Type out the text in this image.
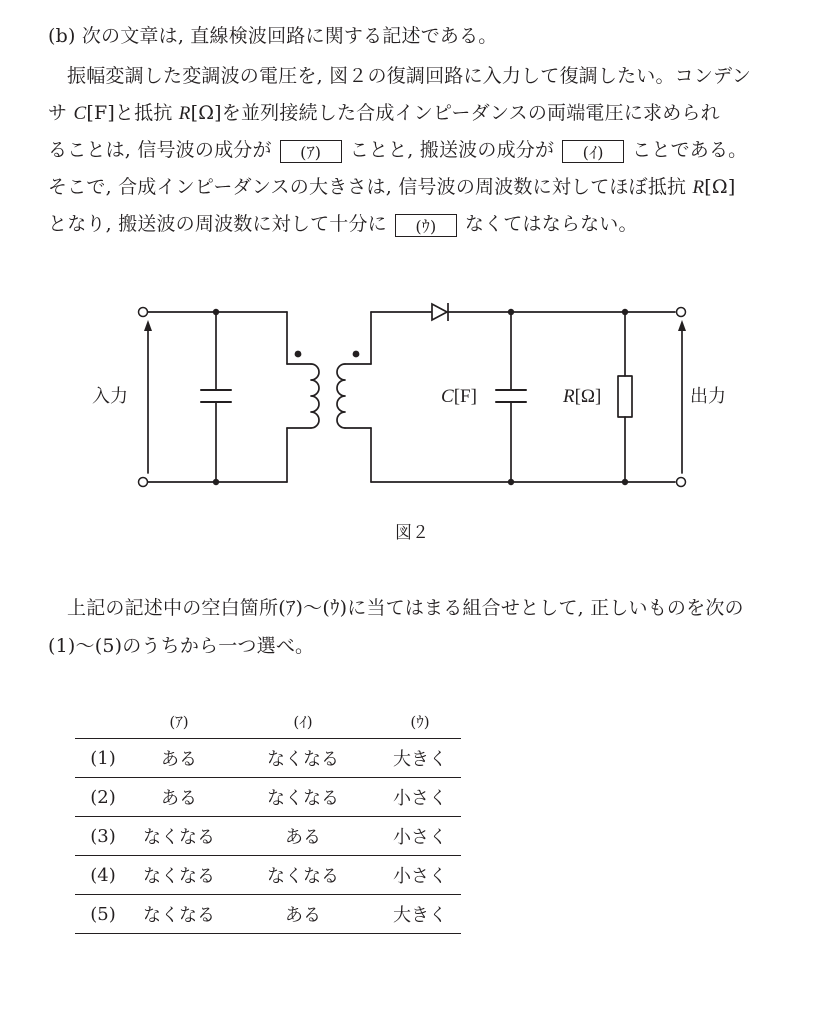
(b) 次の文章は, 直線検波回路に関する記述である。
振幅変調した変調波の電圧を, 図２の復調回路に入力して復調したい。コンデン
サ C[F]と抵抗 R[Ω]を並列接続した合成インピーダンスの両端電圧に求められ
ることは, 信号波の成分が (ｱ) ことと, 搬送波の成分が (ｲ) ことである。
そこで, 合成インピーダンスの大きさは, 信号波の周波数に対してほぼ抵抗 R[Ω]
となり, 搬送波の周波数に対して十分に (ｳ) なくてはならない。
入力	出力
C[F]	R[Ω]
図２
上記の記述中の空白箇所(ｱ)～(ｳ)に当てはまる組合せとして, 正しいものを次の
(1)～(5)のうちから一つ選べ。
	(ｱ)	(ｲ)	(ｳ)
(1)	ある	なくなる	大きく
(2)	ある	なくなる	小さく
(3)	なくなる	ある	小さく
(4)	なくなる	なくなる	小さく
(5)	なくなる	ある	大きく
